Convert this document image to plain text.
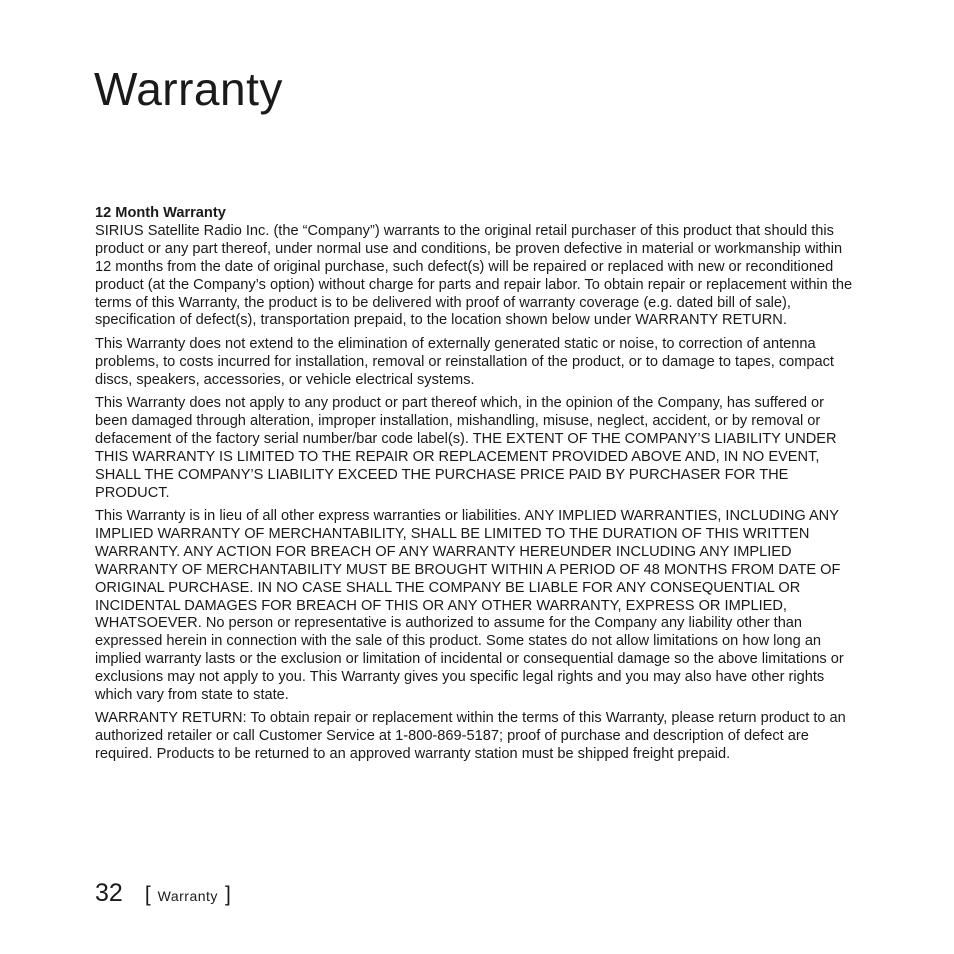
Warranty
12 Month Warranty

SIRIUS Satellite Radio Inc. (the “Company”) warrants to the original retail purchaser of this product that should this product or any part thereof, under normal use and conditions, be proven defective in material or workmanship within 12 months from the date of original purchase, such defect(s) will be repaired or replaced with new or reconditioned product (at the Company’s option) without charge for parts and repair labor. To obtain repair or replacement within the terms of this Warranty, the product is to be delivered with proof of warranty coverage (e.g. dated bill of sale), specification of defect(s), transportation prepaid, to the location shown below under WARRANTY RETURN.

This Warranty does not extend to the elimination of externally generated static or noise, to correction of antenna problems, to costs incurred for installation, removal or reinstallation of the product, or to damage to tapes, compact discs, speakers, accessories, or vehicle electrical systems.

This Warranty does not apply to any product or part thereof which, in the opinion of the Company, has suffered or been damaged through alteration, improper installation, mishandling, misuse, neglect, accident, or by removal or defacement of the factory serial number/bar code label(s). THE EXTENT OF THE COMPANY’S LIABILITY UNDER THIS WARRANTY IS LIMITED TO THE REPAIR OR REPLACEMENT PROVIDED ABOVE AND, IN NO EVENT, SHALL THE COMPANY’S LIABILITY EXCEED THE PURCHASE PRICE PAID BY PURCHASER FOR THE PRODUCT.

This Warranty is in lieu of all other express warranties or liabilities. ANY IMPLIED WARRANTIES, INCLUDING ANY IMPLIED WARRANTY OF MERCHANTABILITY, SHALL BE LIMITED TO THE DURATION OF THIS WRITTEN WARRANTY. ANY ACTION FOR BREACH OF ANY WARRANTY HEREUNDER INCLUDING ANY IMPLIED WARRANTY OF MERCHANTABILITY MUST BE BROUGHT WITHIN A PERIOD OF 48 MONTHS FROM DATE OF ORIGINAL PURCHASE. IN NO CASE SHALL THE COMPANY BE LIABLE FOR ANY CONSEQUENTIAL OR INCIDENTAL DAMAGES FOR BREACH OF THIS OR ANY OTHER WARRANTY, EXPRESS OR IMPLIED, WHATSOEVER. No person or representative is authorized to assume for the Company any liability other than expressed herein in connection with the sale of this product. Some states do not allow limitations on how long an implied warranty lasts or the exclusion or limitation of incidental or consequential damage so the above limitations or exclusions may not apply to you. This Warranty gives you specific legal rights and you may also have other rights which vary from state to state.

WARRANTY RETURN: To obtain repair or replacement within the terms of this Warranty, please return product to an authorized retailer or call Customer Service at 1-800-869-5187; proof of purchase and description of defect are required. Products to be returned to an approved warranty station must be shipped freight prepaid.

32 [ Warranty ]
